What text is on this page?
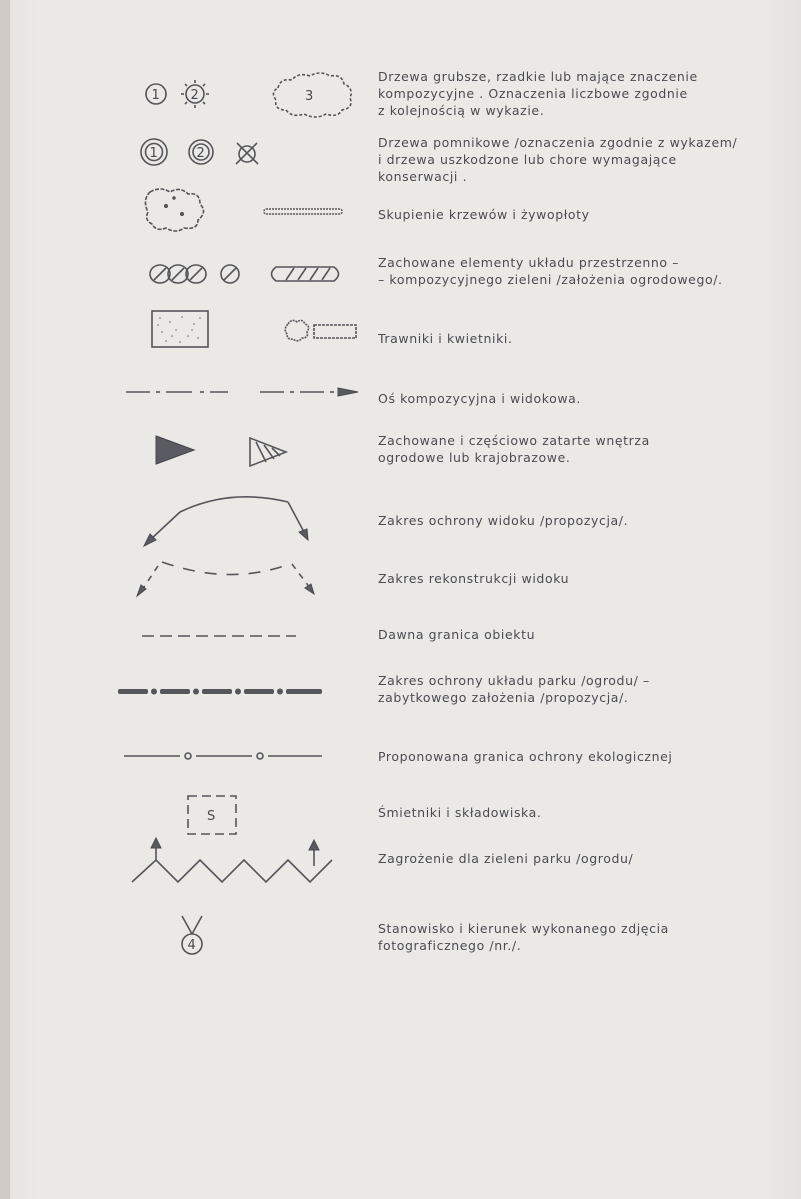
1 2	3
Drzewa grubsze, rzadkie lub mające znaczenie
kompozycyjne . Oznaczenia liczbowe zgodnie
z kolejnością w wykazie.
1	2
Drzewa pomnikowe /oznaczenia zgodnie z wykazem/
i drzewa uszkodzone lub chore wymagające
konserwacji .
Skupienie krzewów i żywopłoty
Zachowane elementy układu przestrzenno –
– kompozycyjnego zieleni /założenia ogrodowego/.
Trawniki i kwietniki.
Oś kompozycyjna i widokowa.
Zachowane i częściowo zatarte wnętrza
ogrodowe lub krajobrazowe.
Zakres ochrony widoku /propozycja/.
Zakres rekonstrukcji widoku
Dawna granica obiektu
Zakres ochrony układu parku /ogrodu/ –
zabytkowego założenia /propozycja/.
Proponowana granica ochrony ekologicznej
S	Śmietniki i składowiska.
Zagrożenie dla zieleni parku /ogrodu/
4
Stanowisko i kierunek wykonanego zdjęcia
fotograficznego /nr./.
